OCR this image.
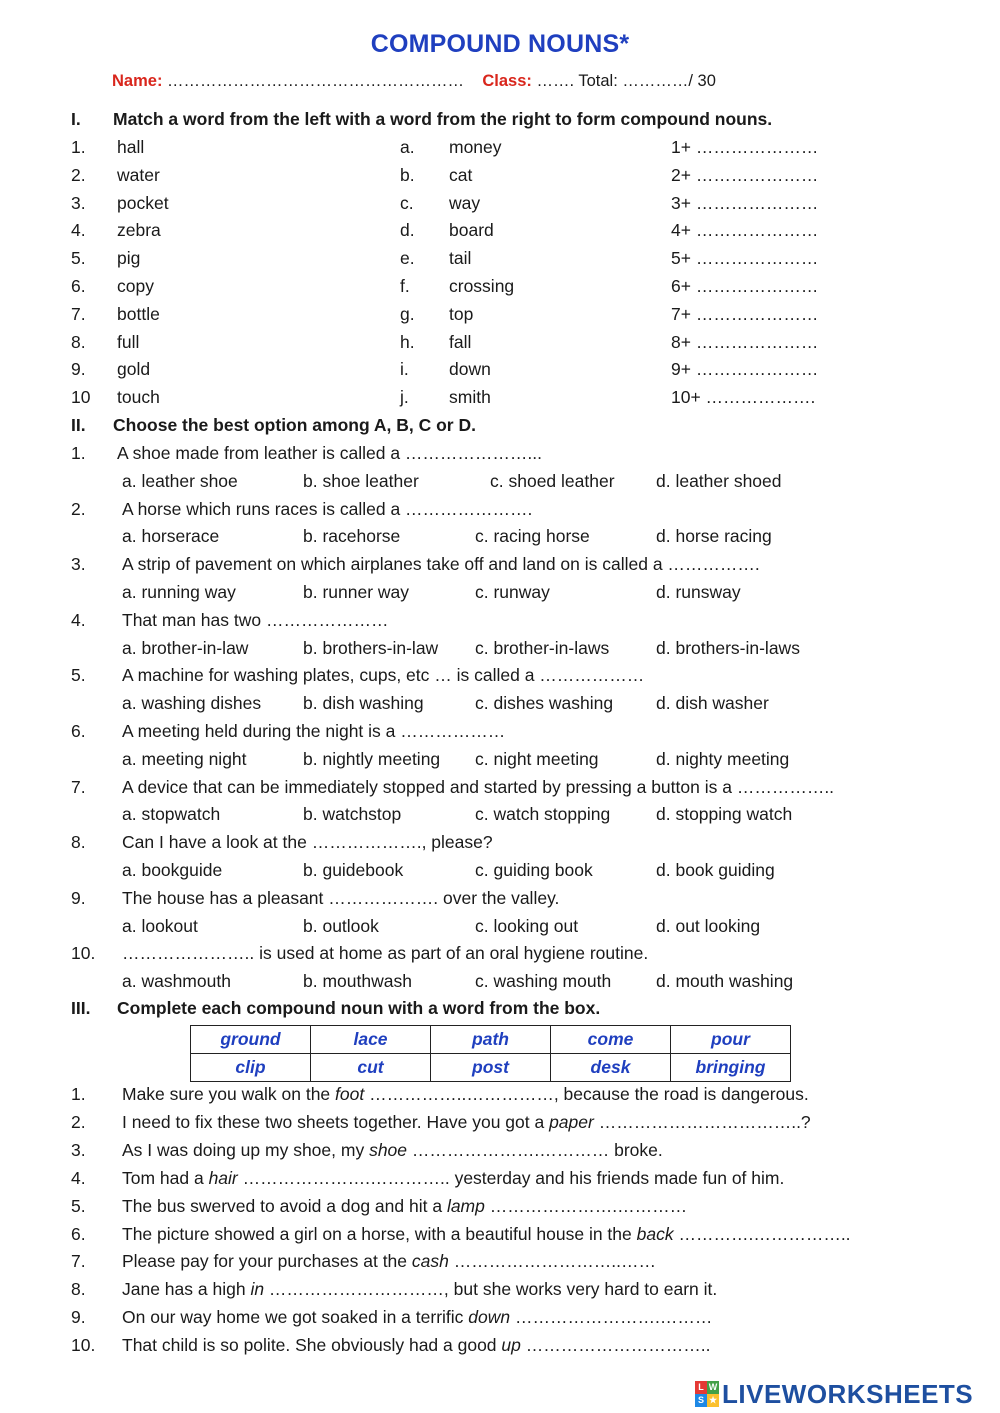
COMPOUND NOUNS*
Name: ……………………………………………… Class: ……. Total: …………/ 30
I. Match a word from the left with a word from the right to form compound nouns.
1. hall	a. money	1+ …………………
2. water	b. cat	2+ …………………
3. pocket	c. way	3+ …………………
4. zebra	d. board	4+ …………………
5. pig	e. tail	5+ …………………
6. copy	f. crossing	6+ …………………
7. bottle	g. top	7+ …………………
8. full	h. fall	8+ …………………
9. gold	i. down	9+ …………………
10 touch	j. smith	10+ ……………….
II. Choose the best option among A, B, C or D.
1. A shoe made from leather is called a …………………...
a. leather shoe	b. shoe leather	c. shoed leather d. leather shoed
2. A horse which runs races is called a ………………….
a. horserace	b. racehorse	c. racing horse	d. horse racing
3. A strip of pavement on which airplanes take off and land on is called a …………….
a. running way	b. runner way	c. runway	d. runsway
4. That man has two …………………
a. brother-in-law	b. brothers-in-law c. brother-in-laws	d. brothers-in-laws
5. A machine for washing plates, cups, etc … is called a ………………
a. washing dishes b. dish washing	c. dishes washing d. dish washer
6. A meeting held during the night is a ………………
a. meeting night	b. nightly meeting c. night meeting	d. nighty meeting
7. A device that can be immediately stopped and started by pressing a button is a ……………..
a. stopwatch	b. watchstop	c. watch stopping	d. stopping watch
8. Can I have a look at the ………………., please?
a. bookguide	b. guidebook	c. guiding book	d. book guiding
9. The house has a pleasant ………………. over the valley.
a. lookout	b. outlook	c. looking out	d. out looking
10. ………………….. is used at home as part of an oral hygiene routine.
a. washmouth	b. mouthwash	c. washing mouth	d. mouth washing
III. Complete each compound noun with a word from the box.
ground	lace	path	come	pour
clip	cut	post	desk	bringing
1. Make sure you walk on the foot ……………..……………, because the road is dangerous.
2. I need to fix these two sheets together. Have you got a paper ……………………………..?
3. As I was doing up my shoe, my shoe ………………….………… broke.
4. Tom had a hair ………………….………….. yesterday and his friends made fun of him.
5. The bus swerved to avoid a dog and hit a lamp ………………….…………
6. The picture showed a girl on a horse, with a beautiful house in the back ………….……………..
7. Please pay for your purchases at the cash ………………………..……
8. Jane has a high in …………………………, but she works very hard to earn it.
9. On our way home we got soaked in a terrific down …………………….………
10. That child is so polite. She obviously had a good up …………………………..
L W
S ★ LIVEWORKSHEETS
